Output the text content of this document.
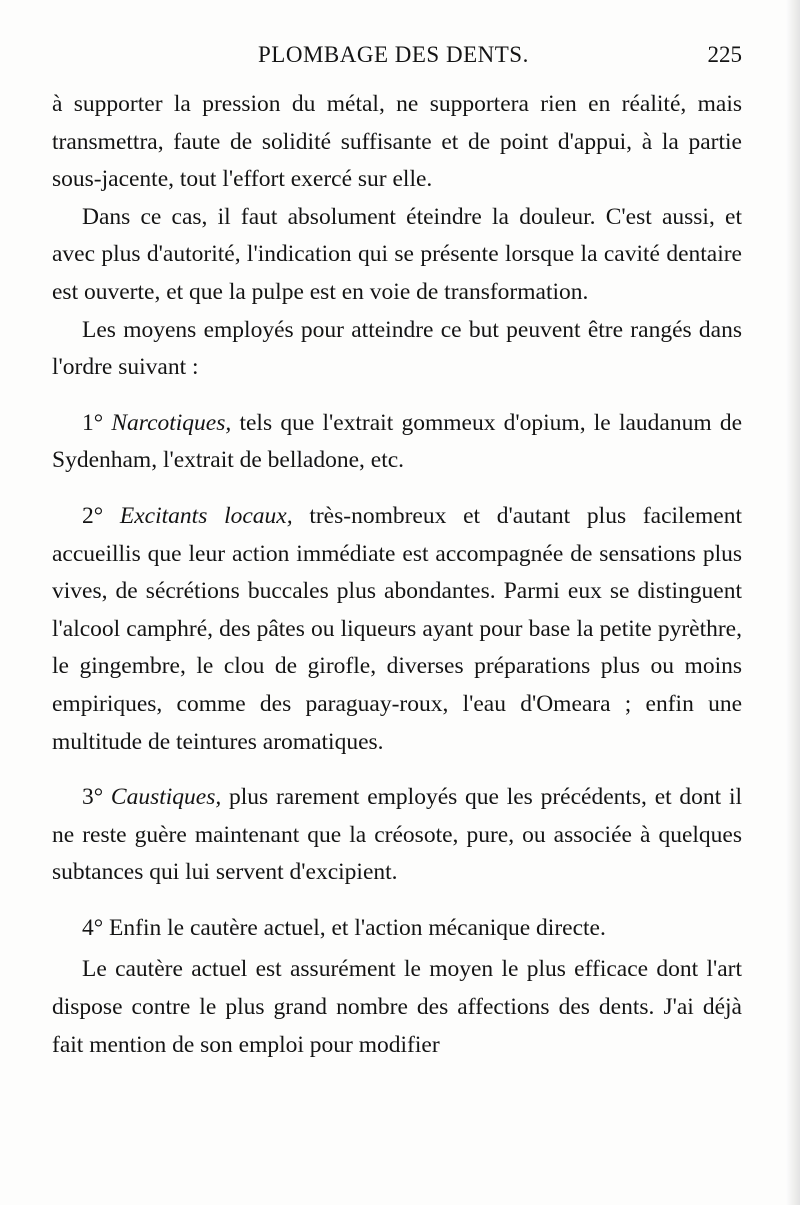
PLOMBAGE DES DENTS.	225

à supporter la pression du métal, ne supportera rien en réalité, mais transmettra, faute de solidité suffisante et de point d'appui, à la partie sous-jacente, tout l'effort exercé sur elle.

Dans ce cas, il faut absolument éteindre la douleur. C'est aussi, et avec plus d'autorité, l'indication qui se présente lorsque la cavité dentaire est ouverte, et que la pulpe est en voie de transformation.

Les moyens employés pour atteindre ce but peuvent être rangés dans l'ordre suivant :

1° Narcotiques, tels que l'extrait gommeux d'opium, le laudanum de Sydenham, l'extrait de belladone, etc.

2° Excitants locaux, très-nombreux et d'autant plus facilement accueillis que leur action immédiate est accompagnée de sensations plus vives, de sécrétions buccales plus abondantes. Parmi eux se distinguent l'alcool camphré, des pâtes ou liqueurs ayant pour base la petite pyrèthre, le gingembre, le clou de girofle, diverses préparations plus ou moins empiriques, comme des paraguay-roux, l'eau d'Omeara ; enfin une multitude de teintures aromatiques.

3° Caustiques, plus rarement employés que les précédents, et dont il ne reste guère maintenant que la créosote, pure, ou associée à quelques subtances qui lui servent d'excipient.

4° Enfin le cautère actuel, et l'action mécanique directe.

Le cautère actuel est assurément le moyen le plus efficace dont l'art dispose contre le plus grand nombre des affections des dents. J'ai déjà fait mention de son emploi pour modifier
